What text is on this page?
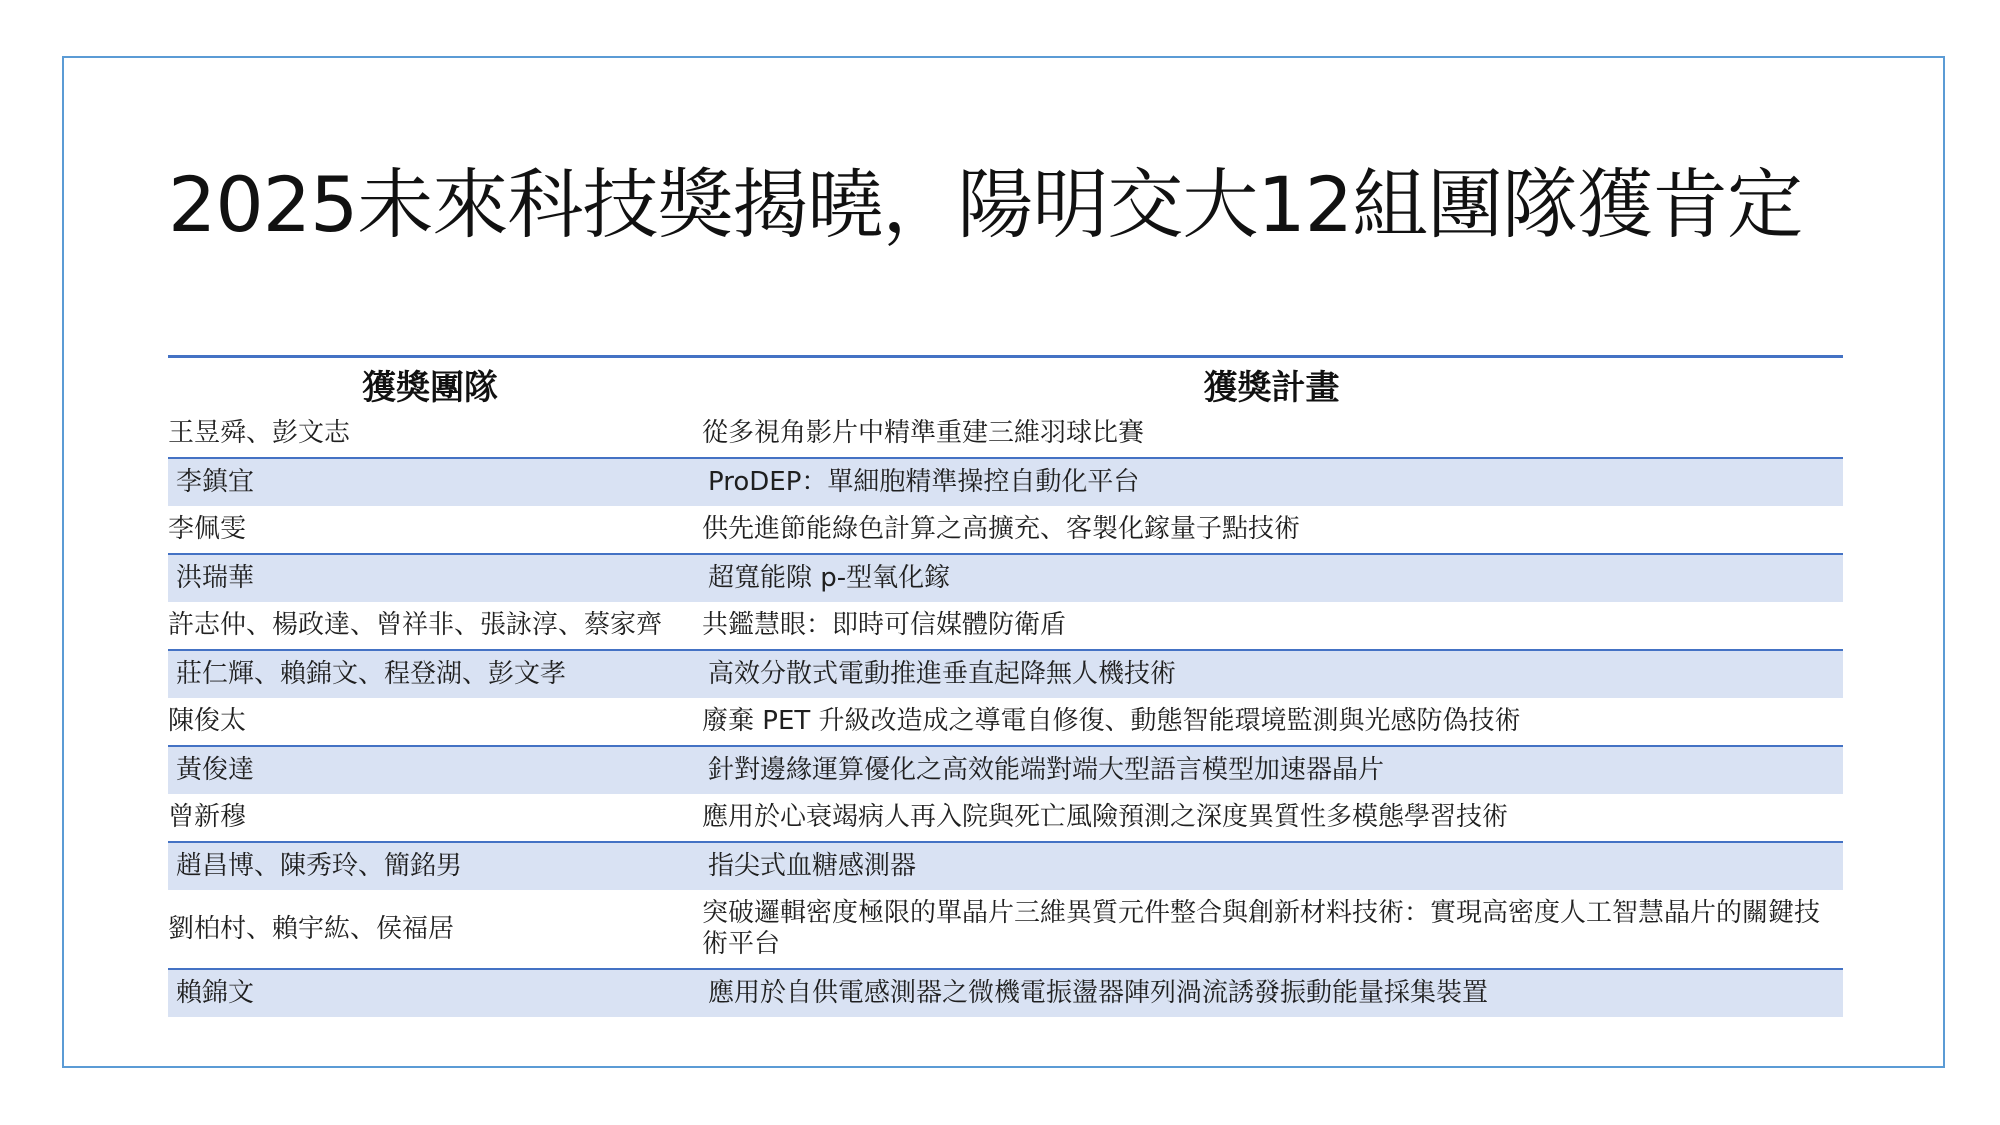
2025未來科技獎揭曉，陽明交大12組團隊獲肯定
獲獎團隊	獲獎計畫
王昱舜、彭文志	從多視角影片中精準重建三維羽球比賽
李鎮宜	ProDEP：單細胞精準操控自動化平台
李佩雯	供先進節能綠色計算之高擴充、客製化鎵量子點技術
洪瑞華	超寬能隙 p-型氧化鎵
許志仲、楊政達、曾祥非、張詠淳、蔡家齊	共鑑慧眼：即時可信媒體防衛盾
莊仁輝、賴錦文、程登湖、彭文孝	高效分散式電動推進垂直起降無人機技術
陳俊太	廢棄 PET 升級改造成之導電自修復、動態智能環境監測與光感防偽技術
黃俊達	針對邊緣運算優化之高效能端對端大型語言模型加速器晶片
曾新穆	應用於心衰竭病人再入院與死亡風險預測之深度異質性多模態學習技術
趙昌博、陳秀玲、簡銘男	指尖式血糖感測器
劉柏村、賴宇紘、侯福居	突破邏輯密度極限的單晶片三維異質元件整合與創新材料技術：實現高密度人工智慧晶片的關鍵技術平台
賴錦文	應用於自供電感測器之微機電振盪器陣列渦流誘發振動能量採集裝置
